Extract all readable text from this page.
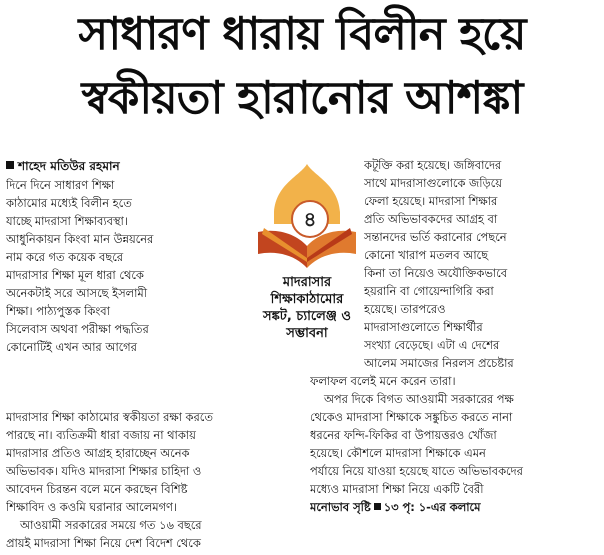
সাধারণ ধারায় বিলীন হয়ে
স্বকীয়তা হারানোর আশঙ্কা
শাহেদ মতিউর রহমান
দিনে দিনে সাধারণ শিক্ষা
কাঠামোর মধ্যেই বিলীন হতে
যাচ্ছে মাদরাসা শিক্ষাব্যবস্থা।
আধুনিকায়ন কিংবা মান উন্নয়নের
নাম করে গত কয়েক বছরে
মাদরাসার শিক্ষা মূল ধারা থেকে
অনেকটাই সরে আসছে ইসলামী
শিক্ষা। পাঠ্যপুস্তক কিংবা
সিলেবাস অথবা পরীক্ষা পদ্ধতির
কোনোটিই এখন আর আগের
৪
মাদরাসার
শিক্ষাকাঠামোর
সঙ্কট, চ্যালেঞ্জ ও
সম্ভাবনা
কটূক্তি করা হয়েছে। জঙ্গিবাদের
সাথে মাদরাসাগুলোকে জড়িয়ে
ফেলা হয়েছে। মাদরাসা শিক্ষার
প্রতি অভিভাবকদের আগ্রহ বা
সন্তানদের ভর্তি করানোর পেছনে
কোনো খারাপ মতলব আছে
কিনা তা নিয়েও অযৌক্তিকভাবে
হয়রানি বা গোয়েন্দাগিরি করা
হয়েছে। তারপরেও
মাদরাসাগুলোতে শিক্ষার্থীর
সংখ্যা বেড়েছে। এটা এ দেশের
আলেম সমাজের নিরলস প্রচেষ্টার
মাদরাসার শিক্ষা কাঠামোর স্বকীয়তা রক্ষা করতে
পারছে না। ব্যতিক্রমী ধারা বজায় না থাকায়
মাদরাসার প্রতিও আগ্রহ হারাচ্ছেন অনেক
অভিভাবক। যদিও মাদরাসা শিক্ষার চাহিদা ও
আবেদন চিরন্তন বলে মনে করছেন বিশিষ্ট
শিক্ষাবিদ ও কওমি ঘরানার আলেমগণ।
আওয়ামী সরকারের সময়ে গত ১৬ বছরে
প্রায়ই মাদরাসা শিক্ষা নিয়ে দেশ বিদেশ থেকে
ফলাফল বলেই মনে করেন তারা।
অপর দিকে বিগত আওয়ামী সরকারের পক্ষ
থেকেও মাদরাসা শিক্ষাকে সঙ্কুচিত করতে নানা
ধরনের ফন্দি-ফিকির বা উপায়ত্তরও খোঁজা
হয়েছে। কৌশলে মাদরাসা শিক্ষাকে এমন
পর্যায়ে নিয়ে যাওয়া হয়েছে যাতে অভিভাবকদের
মধ্যেও মাদরাসা শিক্ষা নিয়ে একটি বৈরী
মনোভাব সৃষ্টি ১৩ পৃ: ১-এর কলামে
